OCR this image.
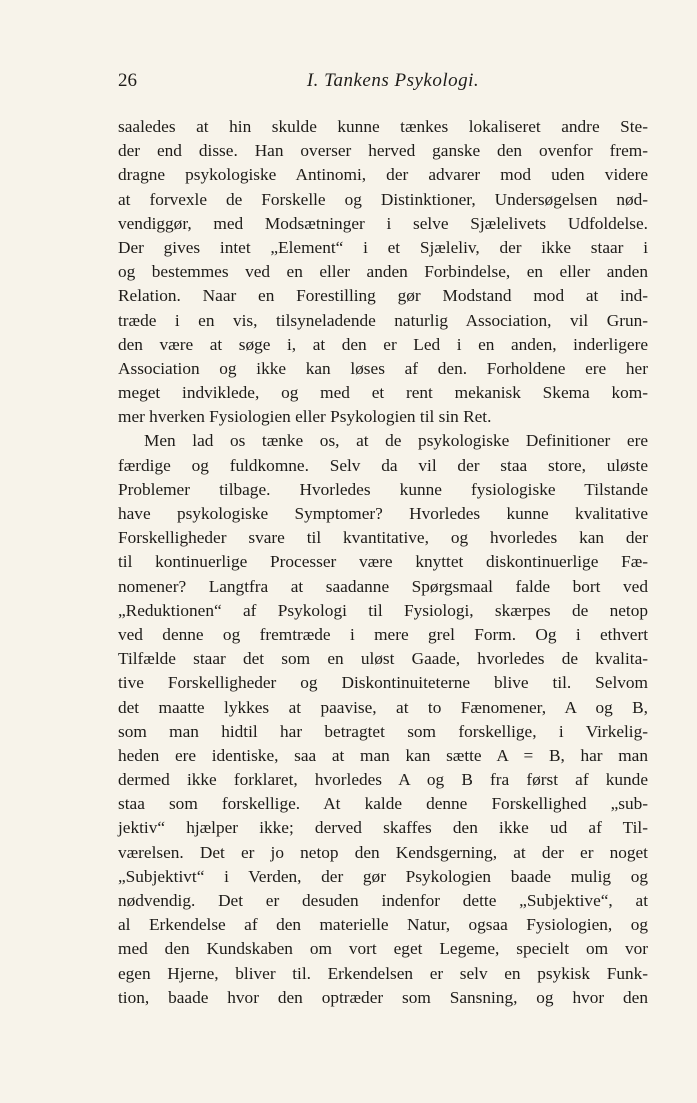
26	I. Tankens Psykologi.
saaledes at hin skulde kunne tænkes lokaliseret andre Ste-
der end disse. Han overser herved ganske den ovenfor frem-
dragne psykologiske Antinomi, der advarer mod uden videre
at forvexle de Forskelle og Distinktioner, Undersøgelsen nød-
vendiggør, med Modsætninger i selve Sjælelivets Udfoldelse.
Der gives intet „Element“ i et Sjæleliv, der ikke staar i
og bestemmes ved en eller anden Forbindelse, en eller anden
Relation. Naar en Forestilling gør Modstand mod at ind-
træde i en vis, tilsyneladende naturlig Association, vil Grun-
den være at søge i, at den er Led i en anden, inderligere
Association og ikke kan løses af den. Forholdene ere her
meget indviklede, og med et rent mekanisk Skema kom-
mer hverken Fysiologien eller Psykologien til sin Ret.
Men lad os tænke os, at de psykologiske Definitioner ere
færdige og fuldkomne. Selv da vil der staa store, uløste
Problemer tilbage. Hvorledes kunne fysiologiske Tilstande
have psykologiske Symptomer? Hvorledes kunne kvalitative
Forskelligheder svare til kvantitative, og hvorledes kan der
til kontinuerlige Processer være knyttet diskontinuerlige Fæ-
nomener? Langtfra at saadanne Spørgsmaal falde bort ved
„Reduktionen“ af Psykologi til Fysiologi, skærpes de netop
ved denne og fremtræde i mere grel Form. Og i ethvert
Tilfælde staar det som en uløst Gaade, hvorledes de kvalita-
tive Forskelligheder og Diskontinuiteterne blive til. Selvom
det maatte lykkes at paavise, at to Fænomener, A og B,
som man hidtil har betragtet som forskellige, i Virkelig-
heden ere identiske, saa at man kan sætte A = B, har man
dermed ikke forklaret, hvorledes A og B fra først af kunde
staa som forskellige. At kalde denne Forskellighed „sub-
jektiv“ hjælper ikke; derved skaffes den ikke ud af Til-
værelsen. Det er jo netop den Kendsgerning, at der er noget
„Subjektivt“ i Verden, der gør Psykologien baade mulig og
nødvendig. Det er desuden indenfor dette „Subjektive“, at
al Erkendelse af den materielle Natur, ogsaa Fysiologien, og
med den Kundskaben om vort eget Legeme, specielt om vor
egen Hjerne, bliver til. Erkendelsen er selv en psykisk Funk-
tion, baade hvor den optræder som Sansning, og hvor den
